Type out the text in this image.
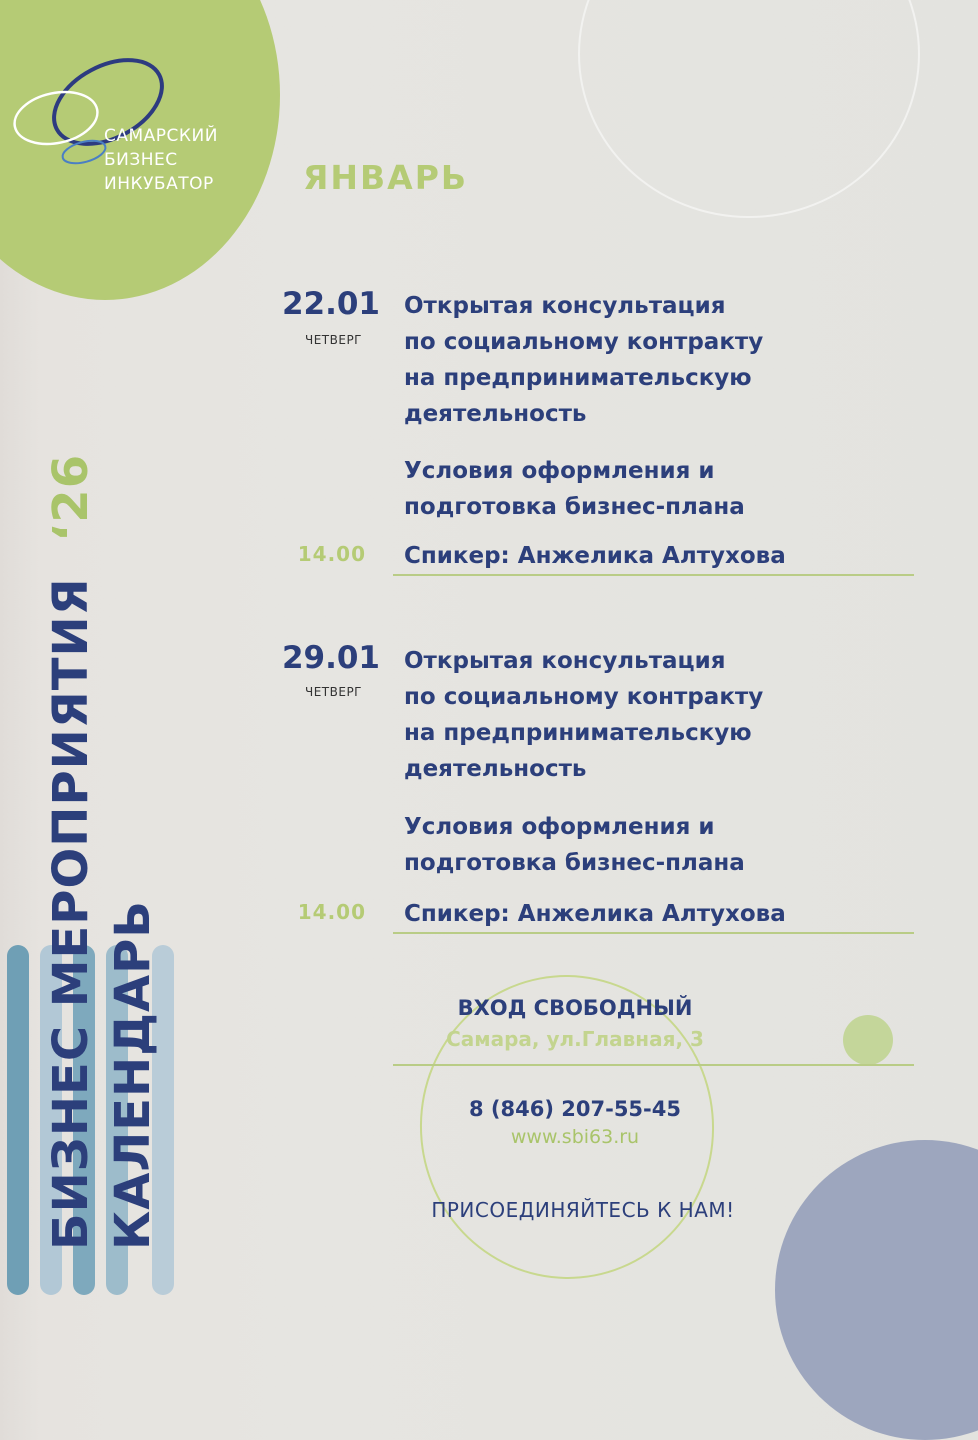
САМАРСКИЙ
БИЗНЕС
ИНКУБАТОР	ЯНВАРЬ
22.01
ЧЕТВЕРГ
Открытая консультация
по социальному контракту
на предпринимательскую
деятельность
Условия оформления и
подготовка бизнес-плана
14.00 Спикер: Анжелика Алтухова
29.01
ЧЕТВЕРГ
Открытая консультация
по социальному контракту
на предпринимательскую
деятельность
Условия оформления и
подготовка бизнес-плана
14.00 Спикер: Анжелика Алтухова
ВХОД СВОБОДНЫЙ
Самара, ул.Главная, 3
8 (846) 207-55-45
www.sbi63.ru
ПРИСОЕДИНЯЙТЕСЬ К НАМ!
БИЗНЕС МЕРОПРИЯТИЯ  ‘26
КАЛЕНДАРЬ
